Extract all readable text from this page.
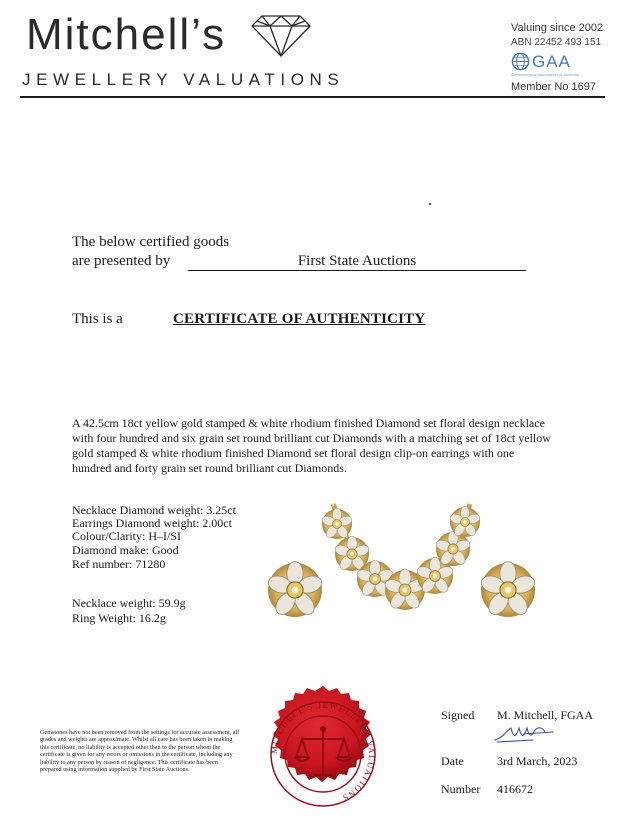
Mitchell’s
JEWELLERY VALUATIONS
Valuing since 2002
ABN 22452 493 151
GAA
Gemmological Association of Australia
Member No 1697
The below certified goods
are presented by	First State Auctions
This is a	CERTIFICATE OF AUTHENTICITY
A 42.5cm 18ct yellow gold stamped & white rhodium finished Diamond set floral design necklace with four hundred and six grain set round brilliant cut Diamonds with a matching set of 18ct yellow gold stamped & white rhodium finished Diamond set floral design clip-on earrings with one hundred and forty grain set round brilliant cut Diamonds.
Necklace Diamond weight: 3.25ct
Earrings Diamond weight: 2.00ct
Colour/Clarity: H–I/SI
Diamond make: Good
Ref number: 71280
Necklace weight: 59.9g
Ring Weight: 16.2g
Gemstones have not been removed from the settings for accurate assessment, all grades and weights are approximate. Whilst all care has been taken in making this certificate, no liability is accepted other than to the person whom the certificate is given for any errors or omissions in the certificate, including any liability to any person by reason of negligence. This certificate has been prepared using information supplied by First State Auctions.
MITCHELL'S JEWELLERY VALUATIONS
Signed M. Mitchell, FGAA
Date	3rd March, 2023
Number 416672
